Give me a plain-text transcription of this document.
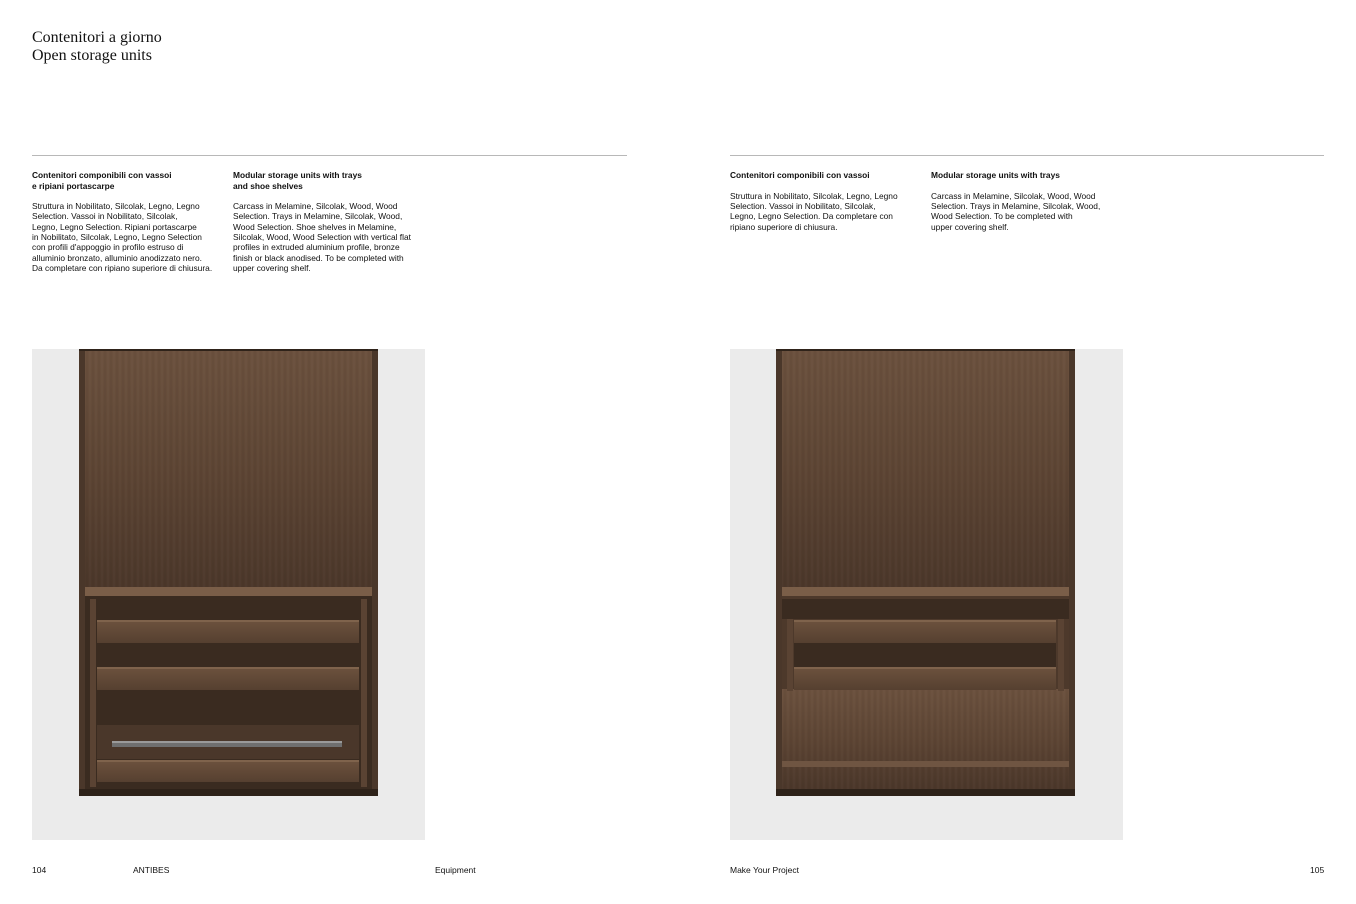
Contenitori a giorno
Open storage units

Contenitori componibili con vassoi
e ripiani portascarpe

Struttura in Nobilitato, Silcolak, Legno, Legno
Selection. Vassoi in Nobilitato, Silcolak,
Legno, Legno Selection. Ripiani portascarpe
in Nobilitato, Silcolak, Legno, Legno Selection
con profili d'appoggio in profilo estruso di
alluminio bronzato, alluminio anodizzato nero.
Da completare con ripiano superiore di chiusura.

Modular storage units with trays
and shoe shelves

Carcass in Melamine, Silcolak, Wood, Wood
Selection. Trays in Melamine, Silcolak, Wood,
Wood Selection. Shoe shelves in Melamine,
Silcolak, Wood, Wood Selection with vertical flat
profiles in extruded aluminium profile, bronze
finish or black anodised. To be completed with
upper covering shelf.

Contenitori componibili con vassoi

Struttura in Nobilitato, Silcolak, Legno, Legno
Selection. Vassoi in Nobilitato, Silcolak,
Legno, Legno Selection. Da completare con
ripiano superiore di chiusura.

Modular storage units with trays

Carcass in Melamine, Silcolak, Wood, Wood
Selection. Trays in Melamine, Silcolak, Wood,
Wood Selection. To be completed with
upper covering shelf.

104	ANTIBES	Equipment	Make Your Project	105
